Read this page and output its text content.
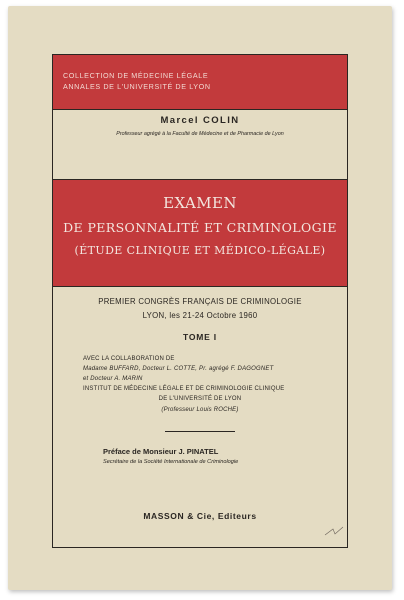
COLLECTION DE MÉDECINE LÉGALE
ANNALES DE L'UNIVERSITÉ DE LYON
Marcel COLIN
Professeur agrégé à la Faculté de Médecine et de Pharmacie de Lyon
EXAMEN
DE PERSONNALITÉ ET CRIMINOLOGIE
(ÉTUDE CLINIQUE ET MÉDICO-LÉGALE)
PREMIER CONGRÈS FRANÇAIS DE CRIMINOLOGIE
LYON, les 21-24 Octobre 1960
TOME I
AVEC LA COLLABORATION DE
Madame BUFFARD, Docteur L. COTTE, Pr. agrégé F. DAGOGNET
et Docteur A. MARIN
INSTITUT DE MÉDECINE LÉGALE ET DE CRIMINOLOGIE CLINIQUE
DE L'UNIVERSITÉ DE LYON
(Professeur Louis ROCHE)
Préface de Monsieur J. PINATEL
Secrétaire de la Société Internationale de Criminologie
MASSON & Cie, Editeurs
